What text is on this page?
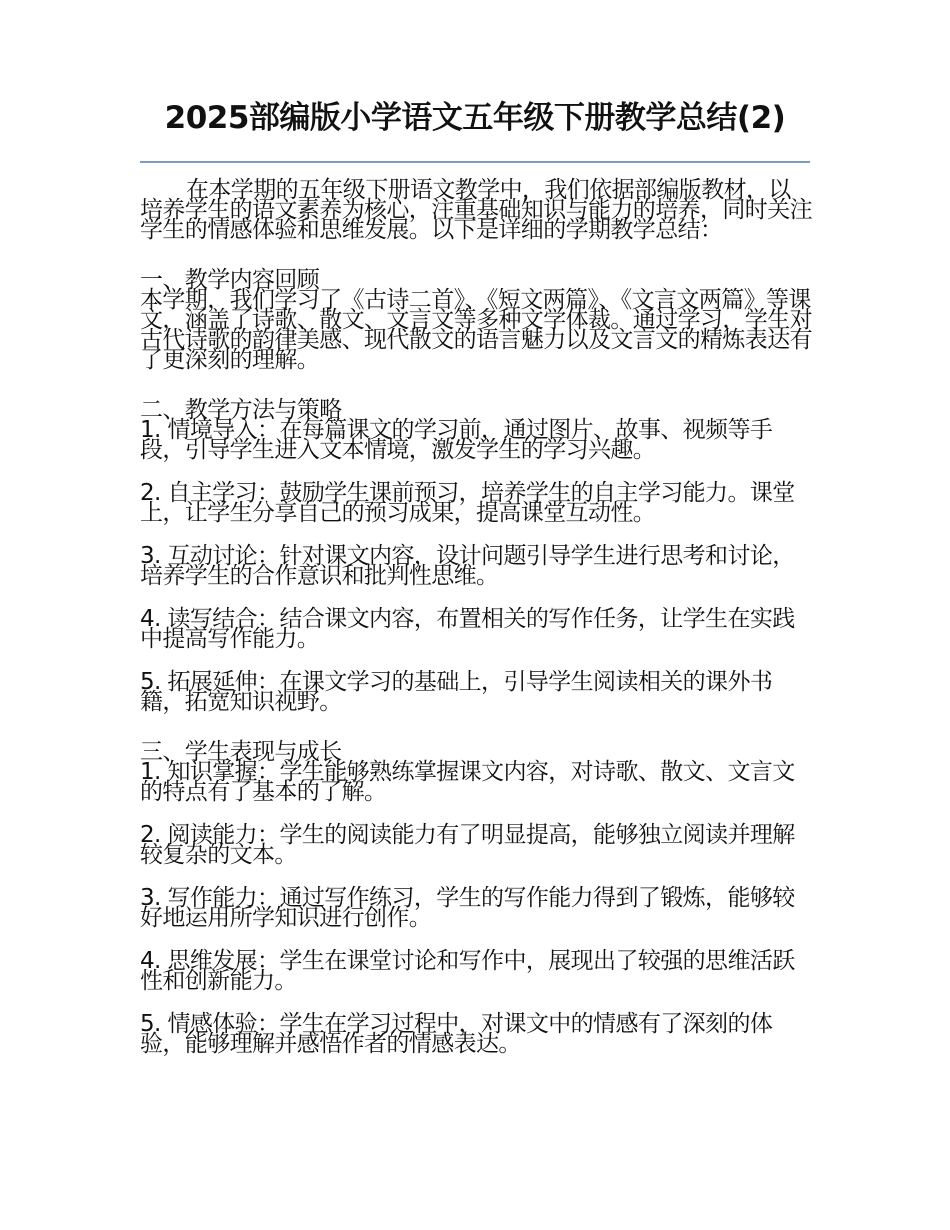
2025部编版小学语文五年级下册教学总结(2)

在本学期的五年级下册语文教学中，我们依据部编版教材，以培养学生的语文素养为核心，注重基础知识与能力的培养，同时关注学生的情感体验和思维发展。以下是详细的学期教学总结：

一、教学内容回顾

本学期，我们学习了《古诗二首》、《短文两篇》、《文言文两篇》等课文，涵盖了诗歌、散文、文言文等多种文学体裁。通过学习，学生对古代诗歌的韵律美感、现代散文的语言魅力以及文言文的精炼表达有了更深刻的理解。

二、教学方法与策略

1. 情境导入：在每篇课文的学习前，通过图片、故事、视频等手段，引导学生进入文本情境，激发学生的学习兴趣。

2. 自主学习：鼓励学生课前预习，培养学生的自主学习能力。课堂上，让学生分享自己的预习成果，提高课堂互动性。

3. 互动讨论：针对课文内容，设计问题引导学生进行思考和讨论，培养学生的合作意识和批判性思维。

4. 读写结合：结合课文内容，布置相关的写作任务，让学生在实践中提高写作能力。

5. 拓展延伸：在课文学习的基础上，引导学生阅读相关的课外书籍，拓宽知识视野。

三、学生表现与成长

1. 知识掌握：学生能够熟练掌握课文内容，对诗歌、散文、文言文的特点有了基本的了解。

2. 阅读能力：学生的阅读能力有了明显提高，能够独立阅读并理解较复杂的文本。

3. 写作能力：通过写作练习，学生的写作能力得到了锻炼，能够较好地运用所学知识进行创作。

4. 思维发展：学生在课堂讨论和写作中，展现出了较强的思维活跃性和创新能力。

5. 情感体验：学生在学习过程中，对课文中的情感有了深刻的体验，能够理解并感悟作者的情感表达。
